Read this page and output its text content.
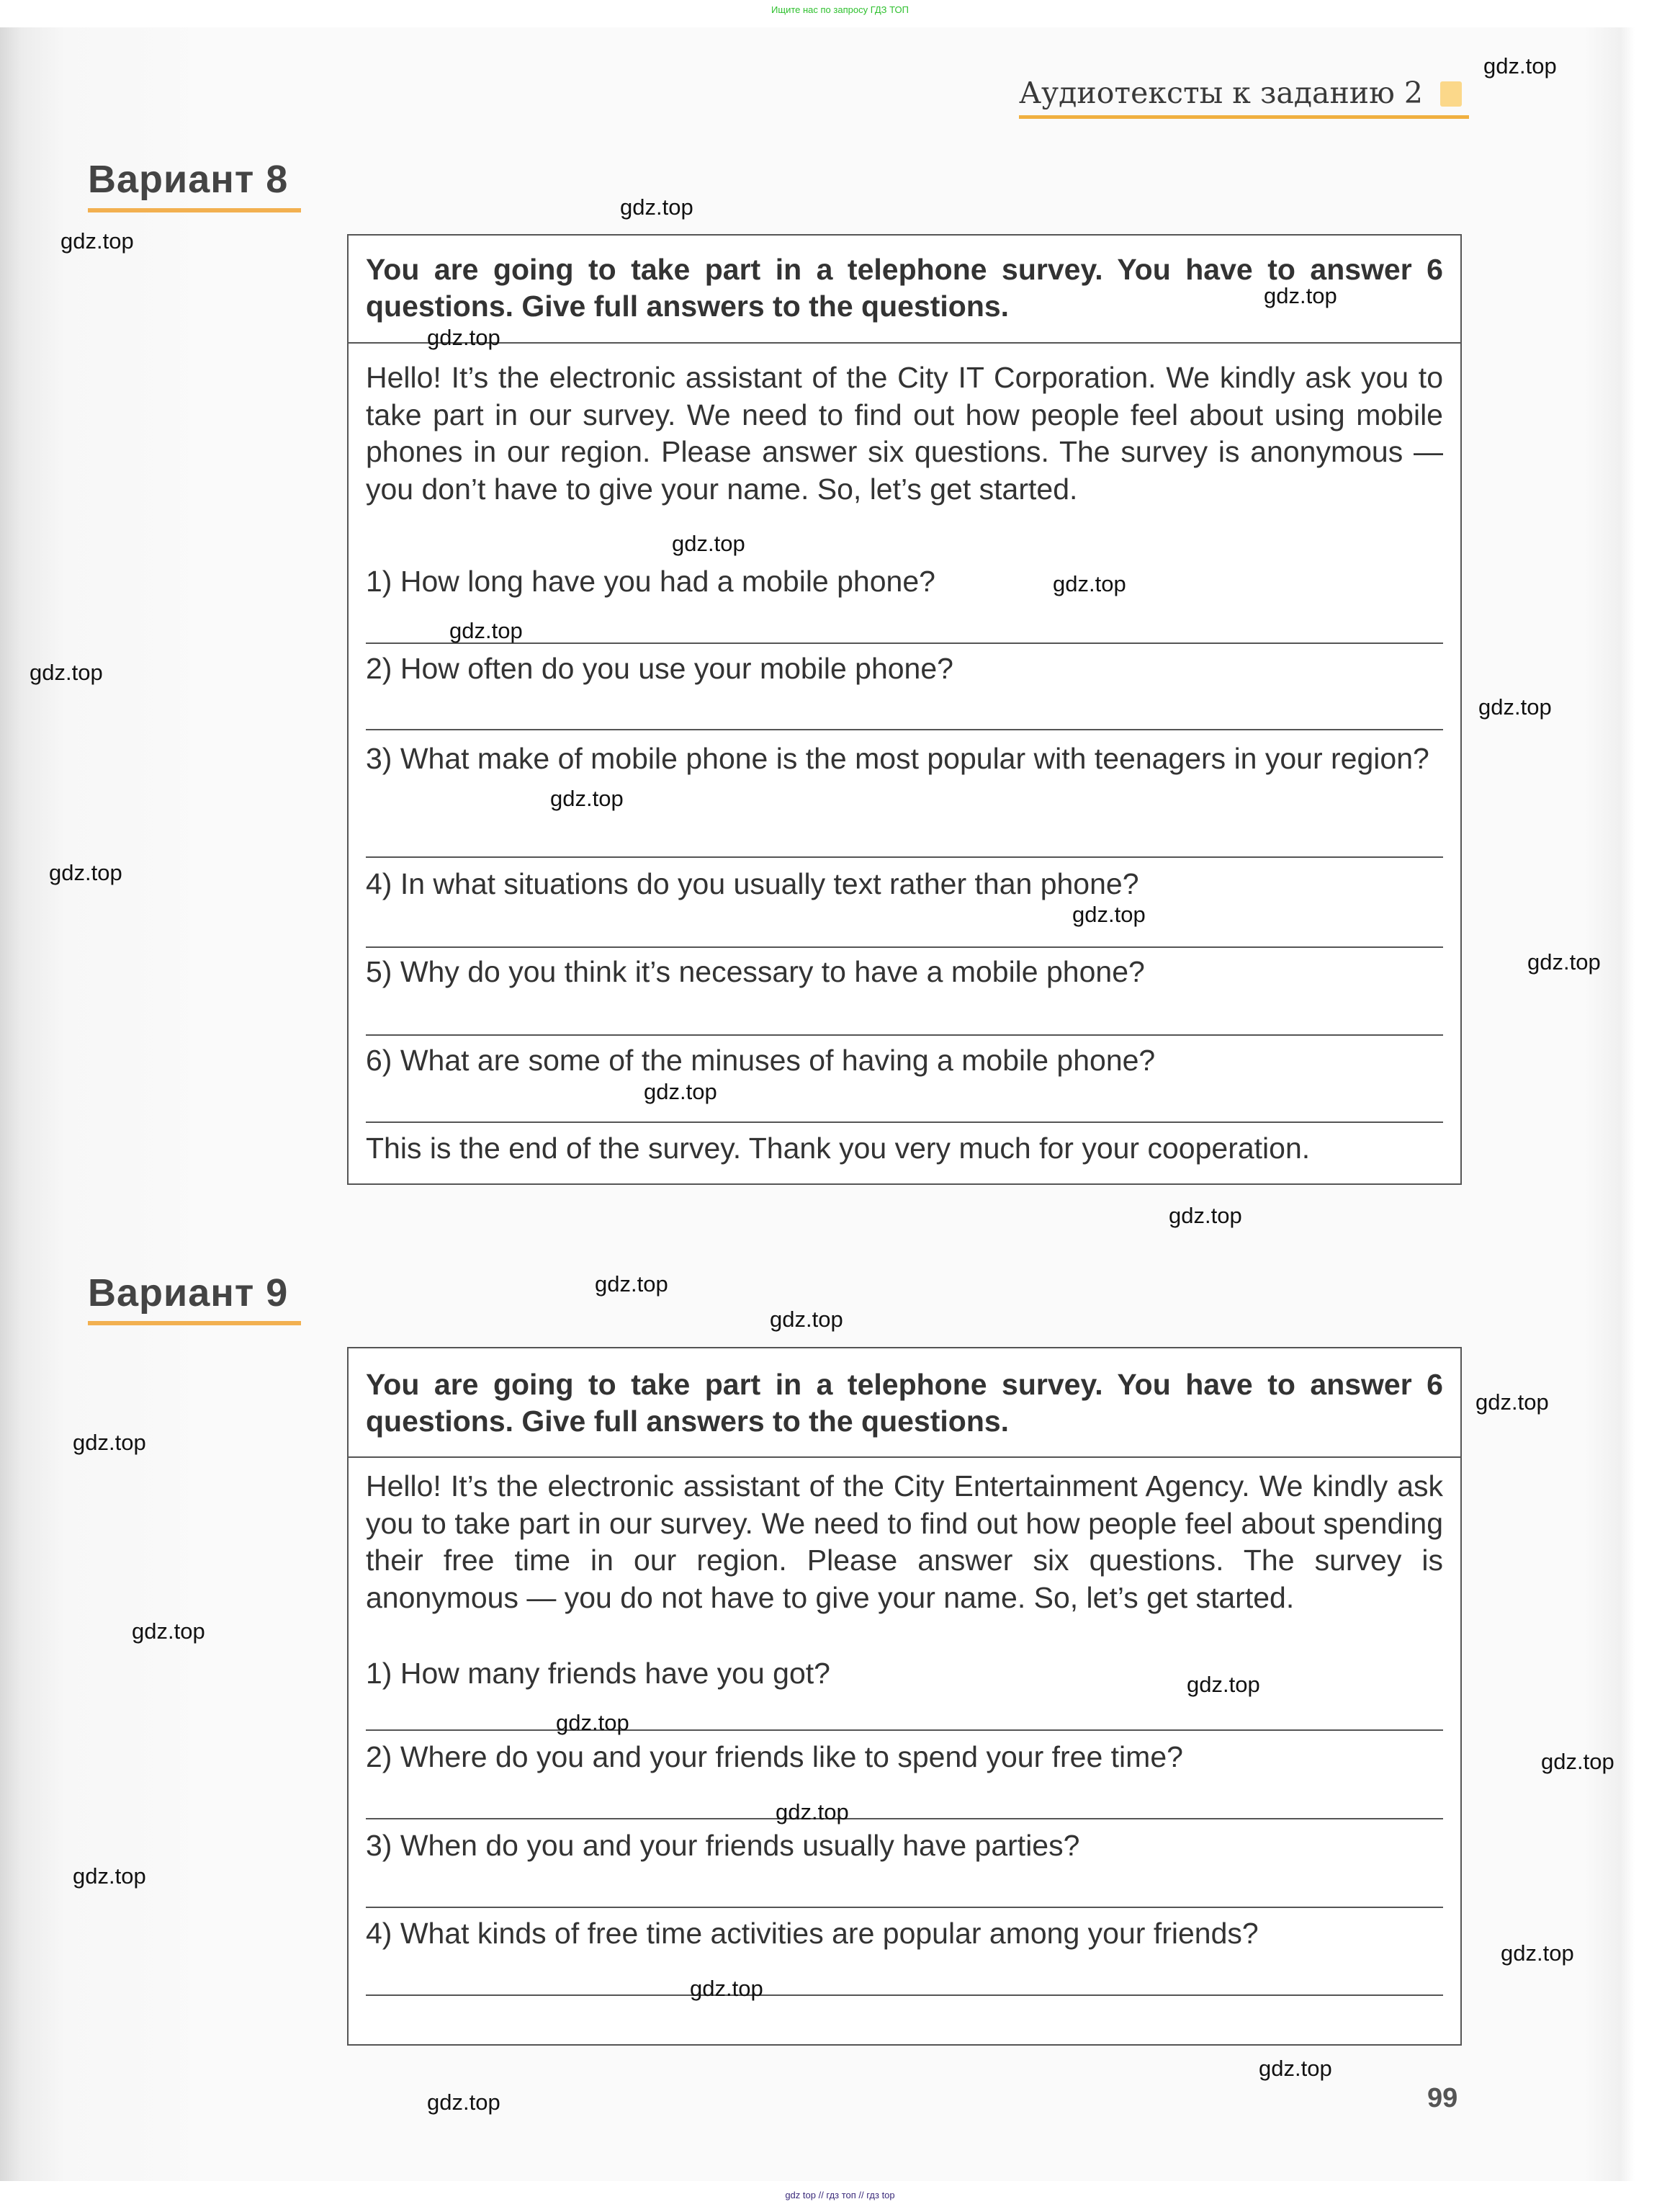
Ищите нас по запросу ГДЗ ТОП
gdz top // гдз топ // гдз top
Аудиотексты к заданию 2
Вариант 8
You are going to take part in a telephone survey. You have to answer 6 questions. Give full answers to the questions.
Hello! It’s the electronic assistant of the City IT Corporation. We kindly ask you to take part in our survey. We need to find out how people feel about using mobile phones in our region. Please answer six questions. The survey is anonymous — you don’t have to give your name. So, let’s get started.
1) How long have you had a mobile phone?
2) How often do you use your mobile phone?
3) What make of mobile phone is the most popular with teenagers in your region?
4) In what situations do you usually text rather than phone?
5) Why do you think it’s necessary to have a mobile phone?
6) What are some of the minuses of having a mobile phone?
This is the end of the survey. Thank you very much for your cooperation.
Вариант 9
You are going to take part in a telephone survey. You have to answer 6 questions. Give full answers to the questions.
Hello! It’s the electronic assistant of the City Entertainment Agency. We kindly ask you to take part in our survey. We need to find out how people feel about spending their free time in our region. Please answer six questions. The survey is anonymous — you do not have to give your name. So, let’s get started.
1) How many friends have you got?
2) Where do you and your friends like to spend your free time?
3) When do you and your friends usually have parties?
4) What kinds of free time activities are popular among your friends?
99
gdz.top
gdz.top
gdz.top
gdz.top
gdz.top
gdz.top
gdz.top
gdz.top
gdz.top
gdz.top
gdz.top
gdz.top
gdz.top
gdz.top
gdz.top
gdz.top
gdz.top
gdz.top
gdz.top
gdz.top
gdz.top
gdz.top
gdz.top
gdz.top
gdz.top
gdz.top
gdz.top
gdz.top
gdz.top
gdz.top
